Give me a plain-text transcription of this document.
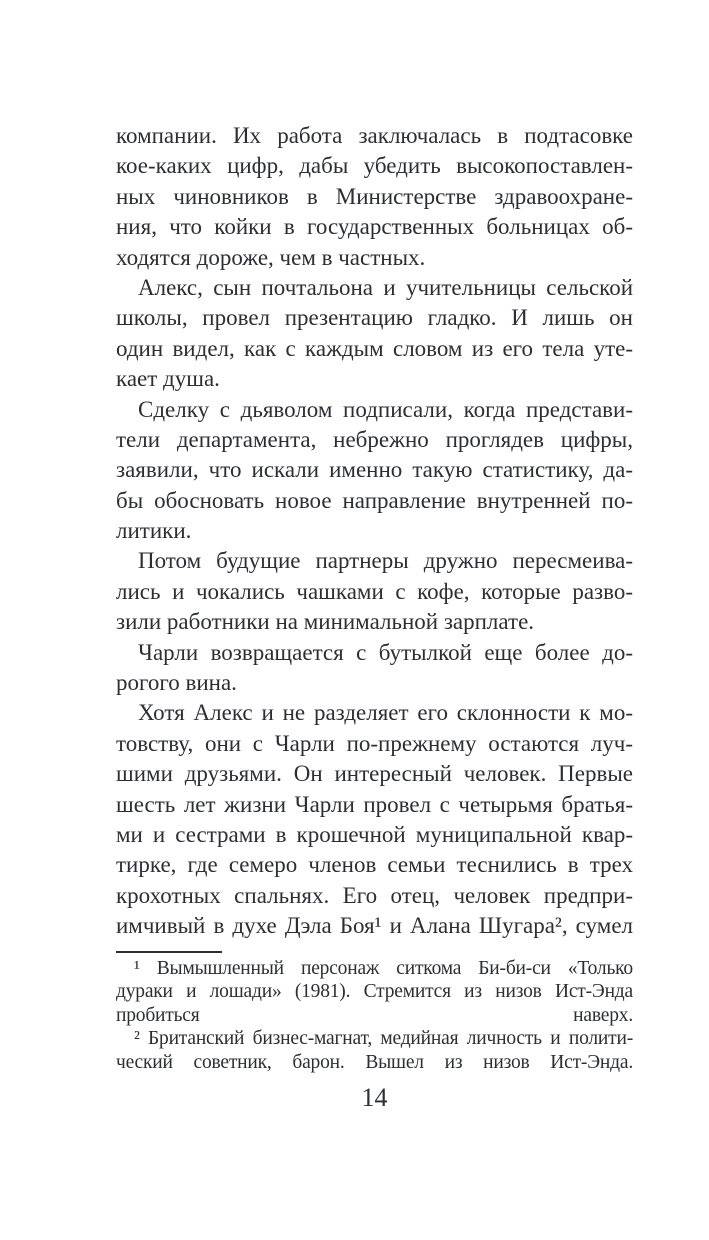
компании. Их работа заключалась в подтасовке
кое-каких цифр, дабы убедить высокопоставлен-
ных чиновников в Министерстве здравоохране-
ния, что койки в государственных больницах об-
ходятся дороже, чем в частных.
Алекс, сын почтальона и учительницы сельской
школы, провел презентацию гладко. И лишь он
один видел, как с каждым словом из его тела уте-
кает душа.
Сделку с дьяволом подписали, когда представи-
тели департамента, небрежно проглядев цифры,
заявили, что искали именно такую статистику, да-
бы обосновать новое направление внутренней по-
литики.
Потом будущие партнеры дружно пересмеива-
лись и чокались чашками с кофе, которые разво-
зили работники на минимальной зарплате.
Чарли возвращается с бутылкой еще более до-
рогого вина.
Хотя Алекс и не разделяет его склонности к мо-
товству, они с Чарли по-прежнему остаются луч-
шими друзьями. Он интересный человек. Первые
шесть лет жизни Чарли провел с четырьмя братья-
ми и сестрами в крошечной муниципальной квар-
тирке, где семеро членов семьи теснились в трех
крохотных спальнях. Его отец, человек предпри-
имчивый в духе Дэла Боя¹ и Алана Шугара², сумел
¹ Вымышленный персонаж ситкома Би-би-си «Только
дураки и лошади» (1981). Стремится из низов Ист-Энда
пробиться наверх.
² Британский бизнес-магнат, медийная личность и полити-
ческий советник, барон. Вышел из низов Ист-Энда.
14
